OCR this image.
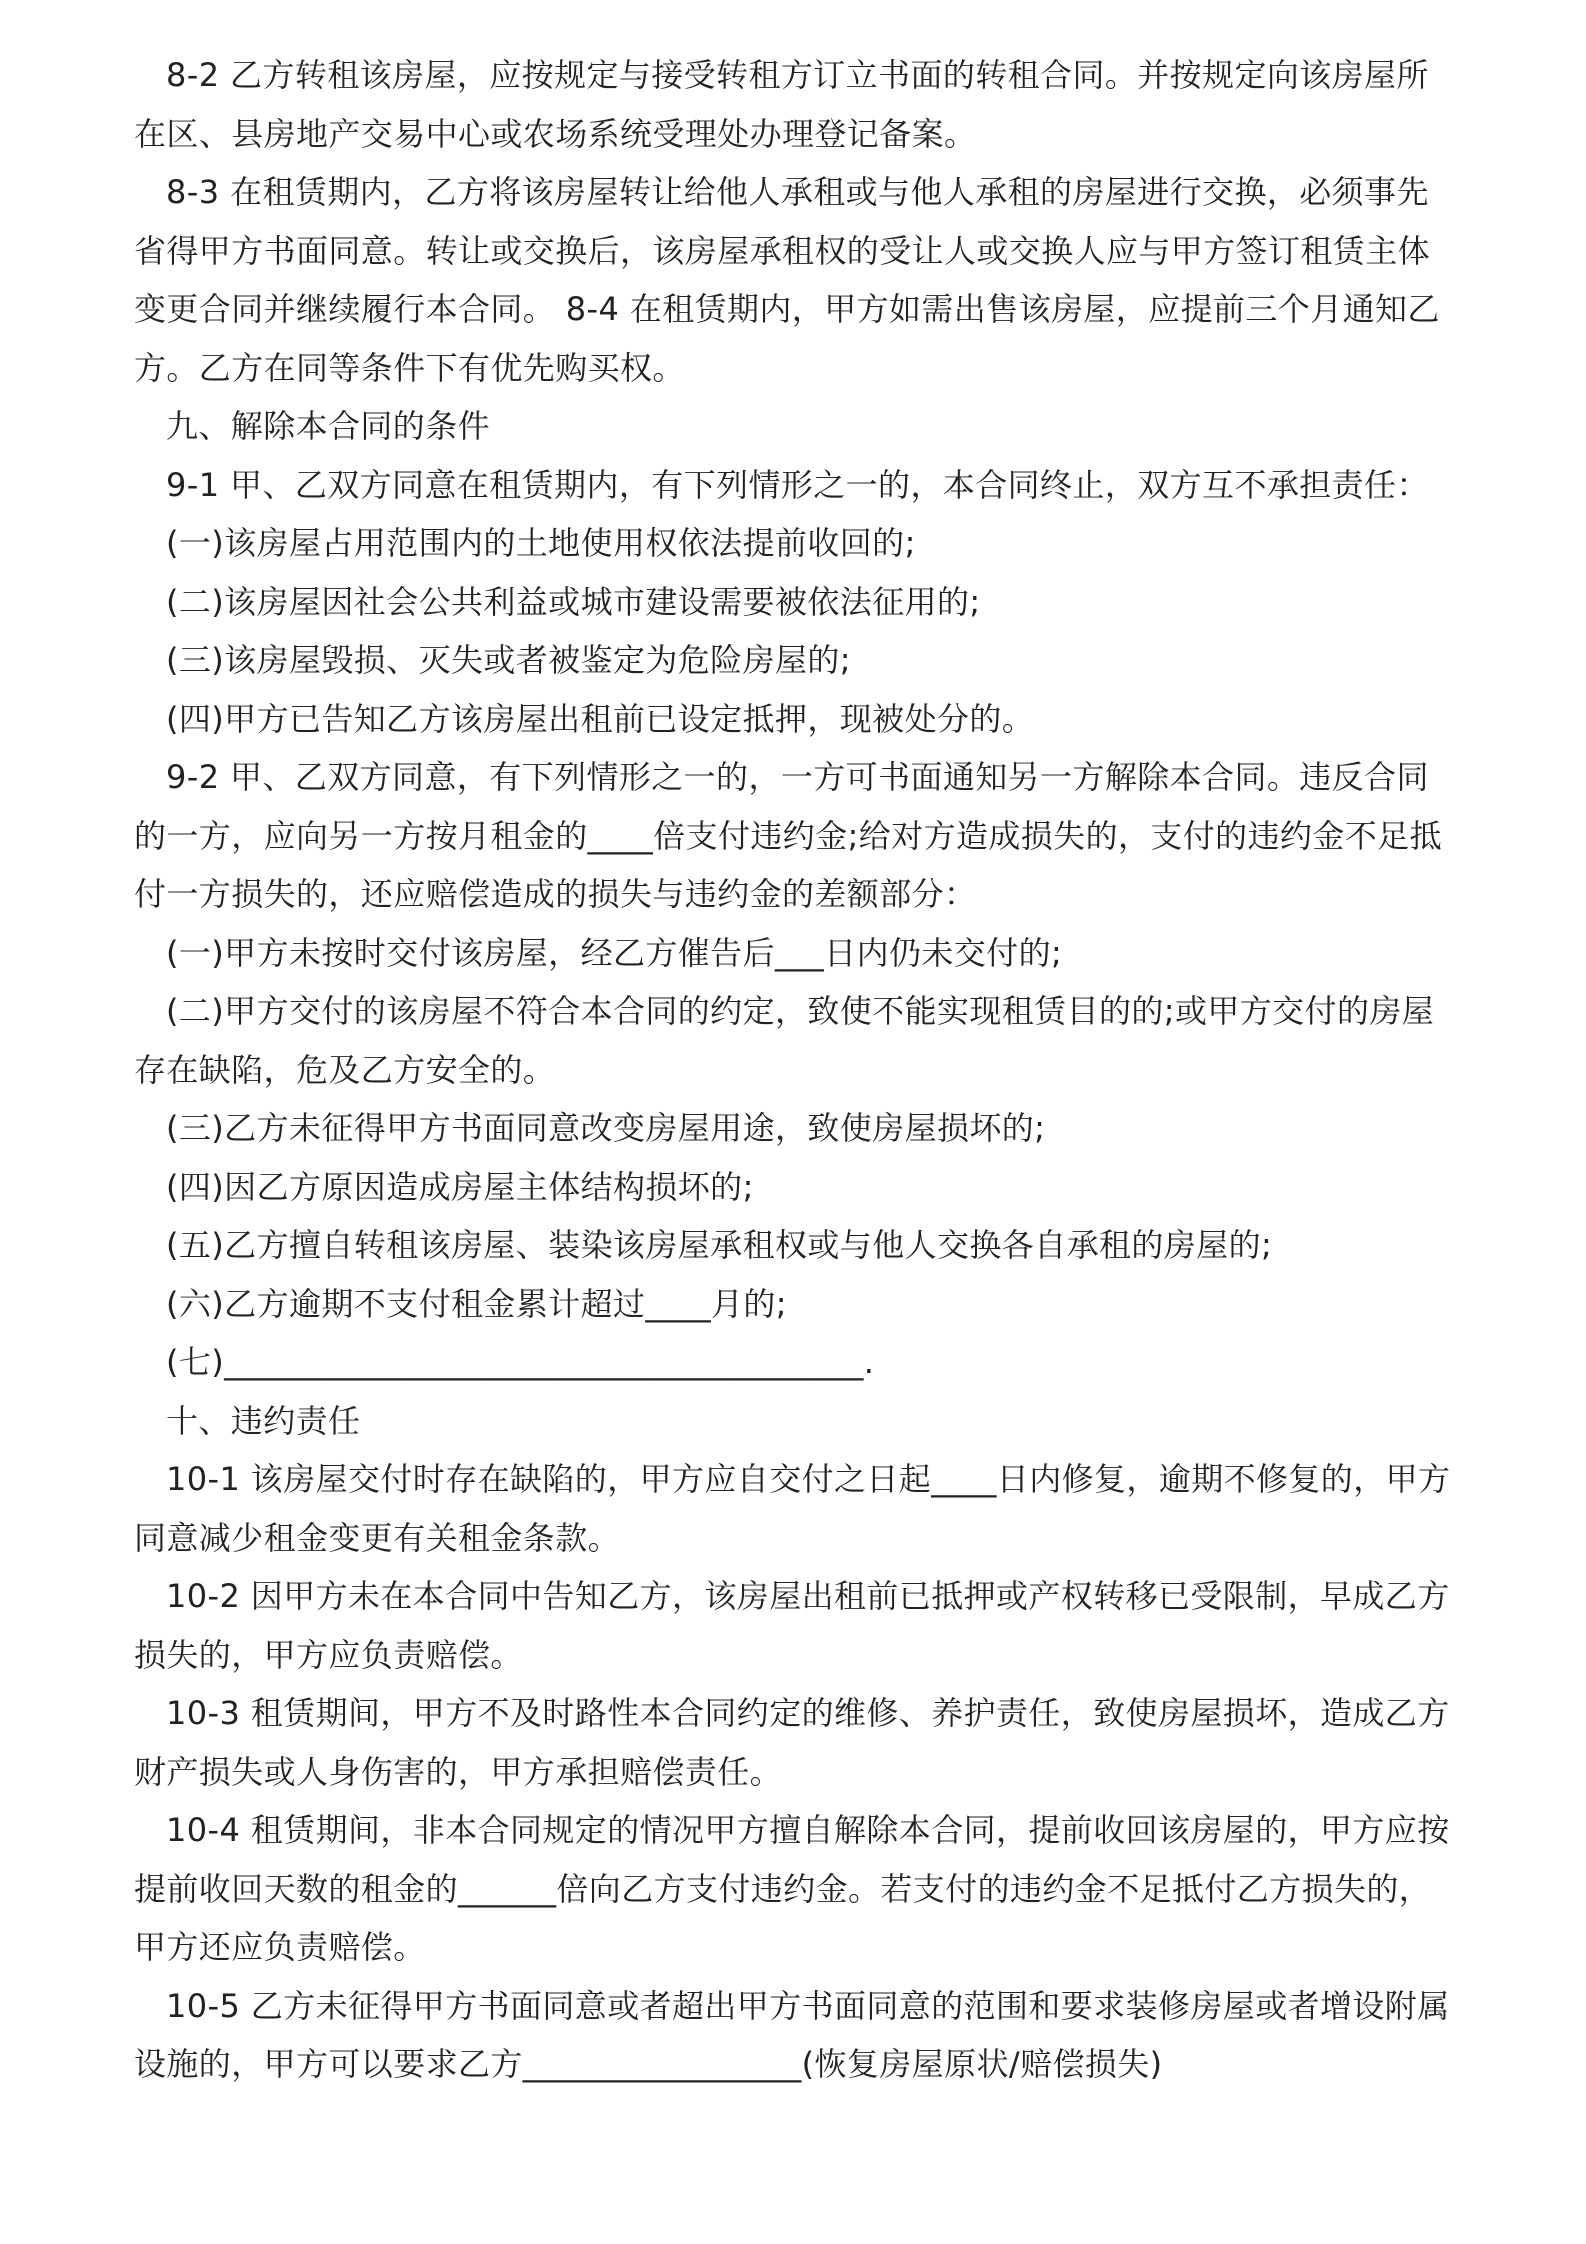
8-2 乙方转租该房屋，应按规定与接受转租方订立书面的转租合同。并按规定向该房屋所在区、县房地产交易中心或农场系统受理处办理登记备案。

8-3 在租赁期内，乙方将该房屋转让给他人承租或与他人承租的房屋进行交换，必须事先省得甲方书面同意。转让或交换后，该房屋承租权的受让人或交换人应与甲方签订租赁主体变更合同并继续履行本合同。 8-4 在租赁期内，甲方如需出售该房屋，应提前三个月通知乙方。乙方在同等条件下有优先购买权。

九、解除本合同的条件

9-1 甲、乙双方同意在租赁期内，有下列情形之一的，本合同终止，双方互不承担责任：

(一)该房屋占用范围内的土地使用权依法提前收回的;

(二)该房屋因社会公共利益或城市建设需要被依法征用的;

(三)该房屋毁损、灭失或者被鉴定为危险房屋的;

(四)甲方已告知乙方该房屋出租前已设定抵押，现被处分的。

9-2 甲、乙双方同意，有下列情形之一的，一方可书面通知另一方解除本合同。违反合同的一方，应向另一方按月租金的____倍支付违约金;给对方造成损失的，支付的违约金不足抵付一方损失的，还应赔偿造成的损失与违约金的差额部分：

(一)甲方未按时交付该房屋，经乙方催告后___日内仍未交付的;

(二)甲方交付的该房屋不符合本合同的约定，致使不能实现租赁目的的;或甲方交付的房屋存在缺陷，危及乙方安全的。

(三)乙方未征得甲方书面同意改变房屋用途，致使房屋损坏的;

(四)因乙方原因造成房屋主体结构损坏的;

(五)乙方擅自转租该房屋、装染该房屋承租权或与他人交换各自承租的房屋的;

(六)乙方逾期不支付租金累计超过____月的;

(七)_______________________________________.

十、违约责任

10-1 该房屋交付时存在缺陷的，甲方应自交付之日起____日内修复，逾期不修复的，甲方同意减少租金变更有关租金条款。

10-2 因甲方未在本合同中告知乙方，该房屋出租前已抵押或产权转移已受限制，早成乙方损失的，甲方应负责赔偿。

10-3 租赁期间，甲方不及时路性本合同约定的维修、养护责任，致使房屋损坏，造成乙方财产损失或人身伤害的，甲方承担赔偿责任。

10-4 租赁期间，非本合同规定的情况甲方擅自解除本合同，提前收回该房屋的，甲方应按提前收回天数的租金的______倍向乙方支付违约金。若支付的违约金不足抵付乙方损失的，甲方还应负责赔偿。

10-5 乙方未征得甲方书面同意或者超出甲方书面同意的范围和要求装修房屋或者增设附属设施的，甲方可以要求乙方_________________(恢复房屋原状/赔偿损失)
